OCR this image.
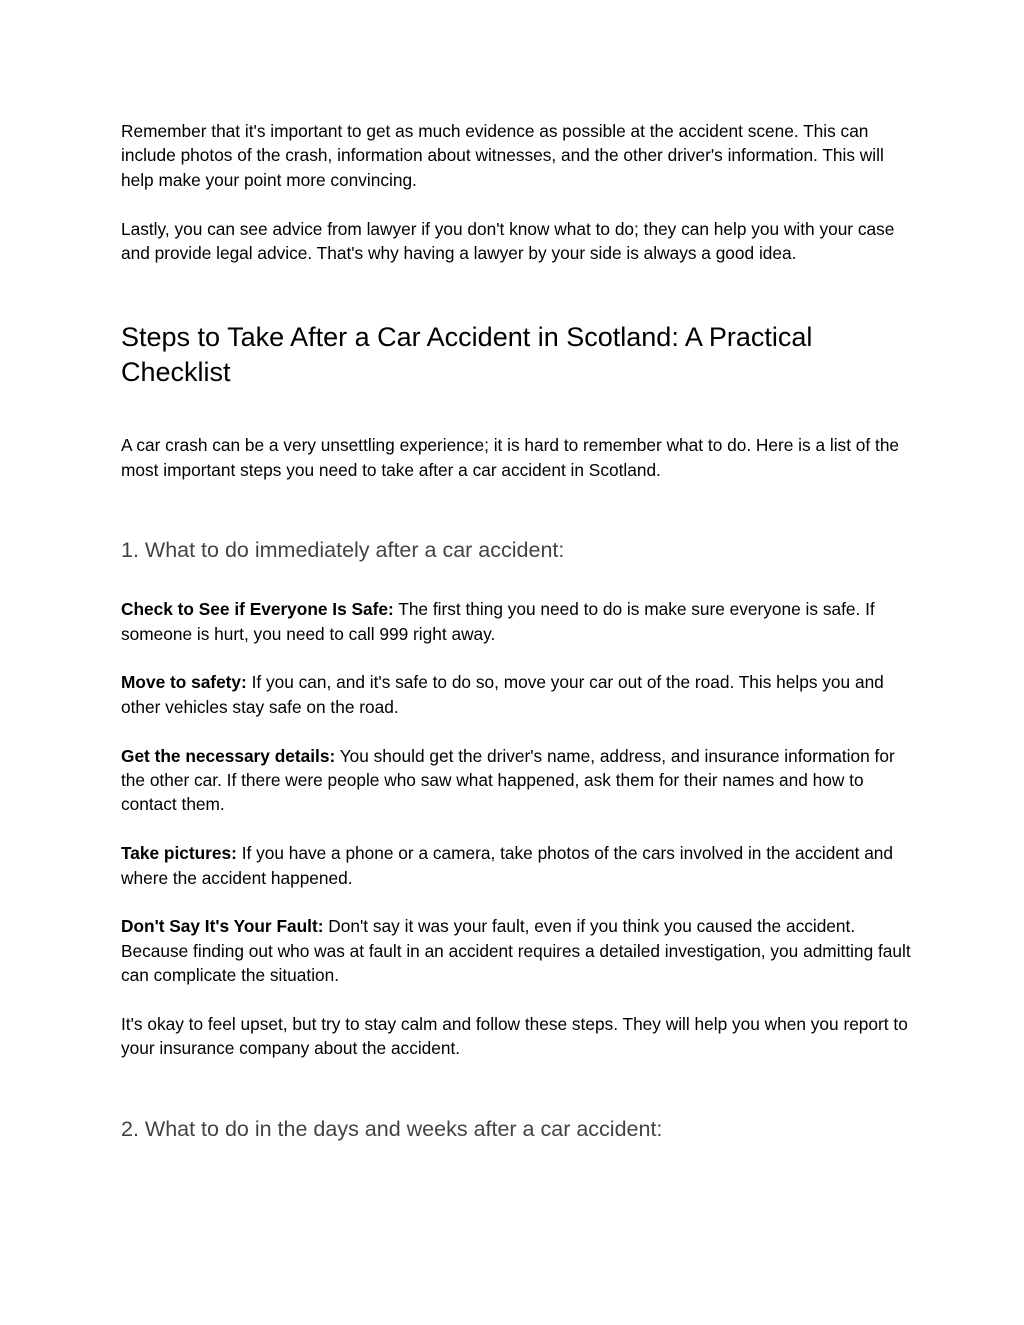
Remember that it's important to get as much evidence as possible at the accident scene. This can include photos of the crash, information about witnesses, and the other driver's information. This will help make your point more convincing.

Lastly, you can see advice from lawyer if you don't know what to do; they can help you with your case and provide legal advice. That's why having a lawyer by your side is always a good idea.

Steps to Take After a Car Accident in Scotland: A Practical Checklist

A car crash can be a very unsettling experience; it is hard to remember what to do. Here is a list of the most important steps you need to take after a car accident in Scotland.

1. What to do immediately after a car accident:

Check to See if Everyone Is Safe: The first thing you need to do is make sure everyone is safe. If someone is hurt, you need to call 999 right away.

Move to safety: If you can, and it's safe to do so, move your car out of the road. This helps you and other vehicles stay safe on the road.

Get the necessary details: You should get the driver's name, address, and insurance information for the other car. If there were people who saw what happened, ask them for their names and how to contact them.

Take pictures: If you have a phone or a camera, take photos of the cars involved in the accident and where the accident happened.

Don't Say It's Your Fault: Don't say it was your fault, even if you think you caused the accident. Because finding out who was at fault in an accident requires a detailed investigation, you admitting fault can complicate the situation.

It's okay to feel upset, but try to stay calm and follow these steps. They will help you when you report to your insurance company about the accident.

2. What to do in the days and weeks after a car accident:
